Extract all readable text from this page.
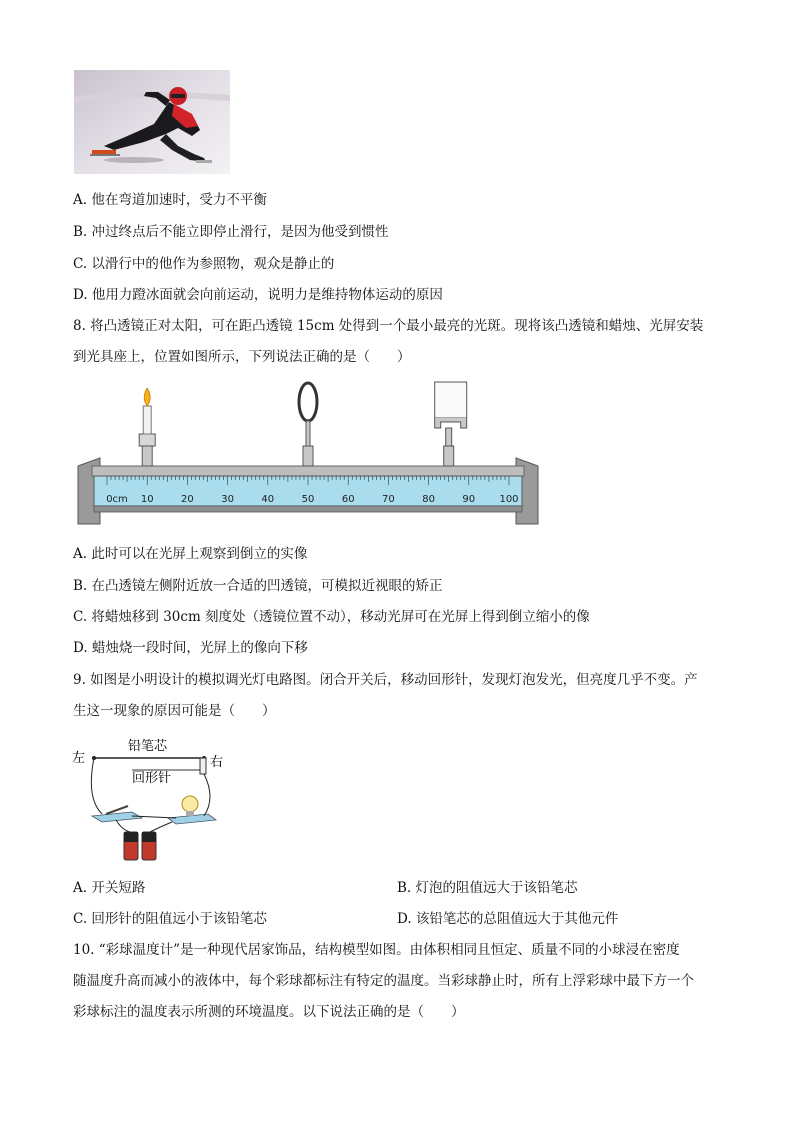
A. 他在弯道加速时，受力不平衡
B. 冲过终点后不能立即停止滑行，是因为他受到惯性
C. 以滑行中的他作为参照物，观众是静止的
D. 他用力蹬冰面就会向前运动，说明力是维持物体运动的原因
8. 将凸透镜正对太阳，可在距凸透镜 15cm 处得到一个最小最亮的光斑。现将该凸透镜和蜡烛、光屏安装
到光具座上，位置如图所示，下列说法正确的是（　　）
0cm 10	20	30	40	50	60	70	80	90 100
A. 此时可以在光屏上观察到倒立的实像
B. 在凸透镜左侧附近放一合适的凹透镜，可模拟近视眼的矫正
C. 将蜡烛移到 30cm 刻度处（透镜位置不动），移动光屏可在光屏上得到倒立缩小的像
D. 蜡烛烧一段时间，光屏上的像向下移
9. 如图是小明设计的模拟调光灯电路图。闭合开关后，移动回形针，发现灯泡发光，但亮度几乎不变。产
生这一现象的原因可能是（　　）
左
铅笔芯
右
回形针
A. 开关短路	B. 灯泡的阻值远大于该铅笔芯
C. 回形针的阻值远小于该铅笔芯	D. 该铅笔芯的总阻值远大于其他元件
10. “彩球温度计”是一种现代居家饰品，结构模型如图。由体积相同且恒定、质量不同的小球浸在密度
随温度升高而减小的液体中，每个彩球都标注有特定的温度。当彩球静止时，所有上浮彩球中最下方一个
彩球标注的温度表示所测的环境温度。以下说法正确的是（　　）
